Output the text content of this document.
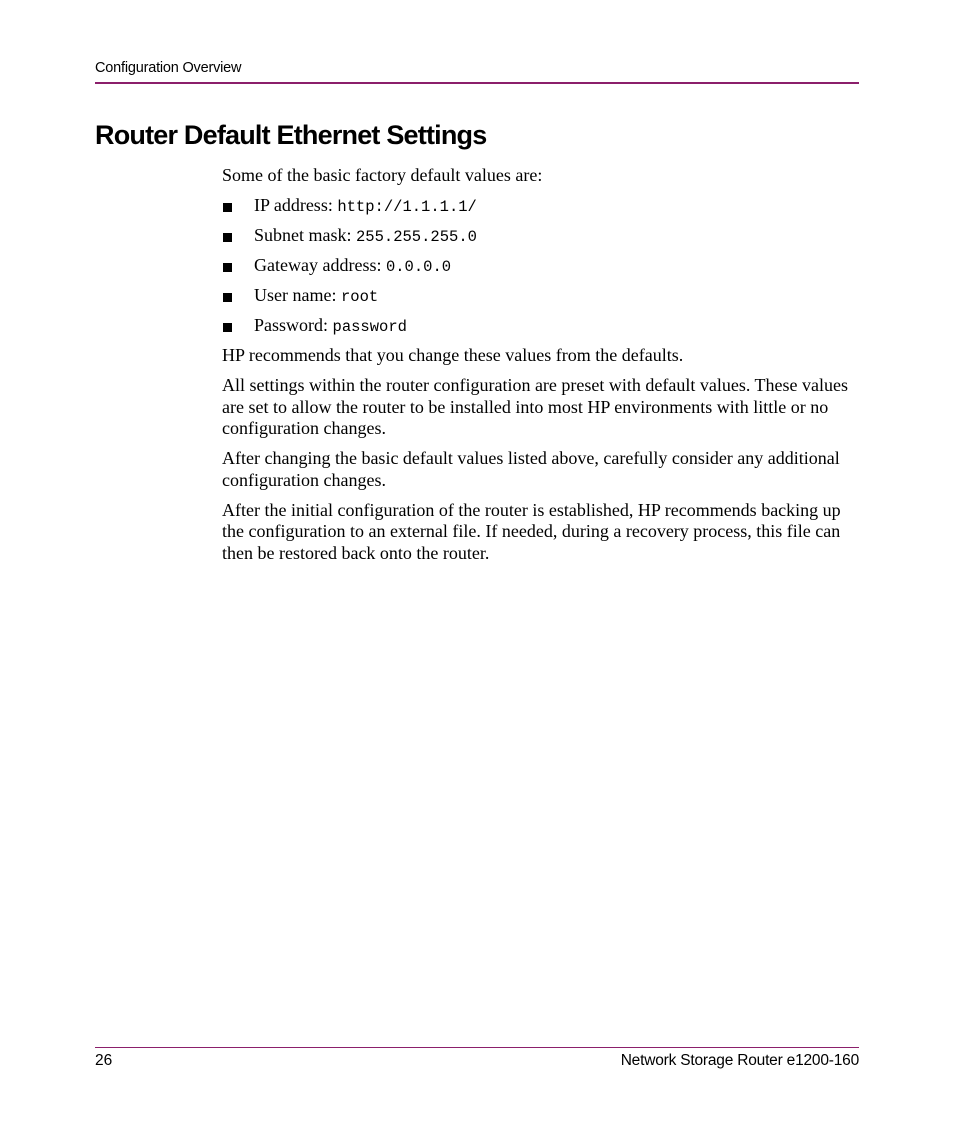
Configuration Overview
Router Default Ethernet Settings

Some of the basic factory default values are:

IP address: http://1.1.1.1/
Subnet mask: 255.255.255.0
Gateway address: 0.0.0.0
User name: root
Password: password

HP recommends that you change these values from the defaults.

All settings within the router configuration are preset with default values. These values are set to allow the router to be installed into most HP environments with little or no configuration changes.

After changing the basic default values listed above, carefully consider any additional configuration changes.

After the initial configuration of the router is established, HP recommends backing up the configuration to an external file. If needed, during a recovery process, this file can then be restored back onto the router.

26	Network Storage Router e1200-160
